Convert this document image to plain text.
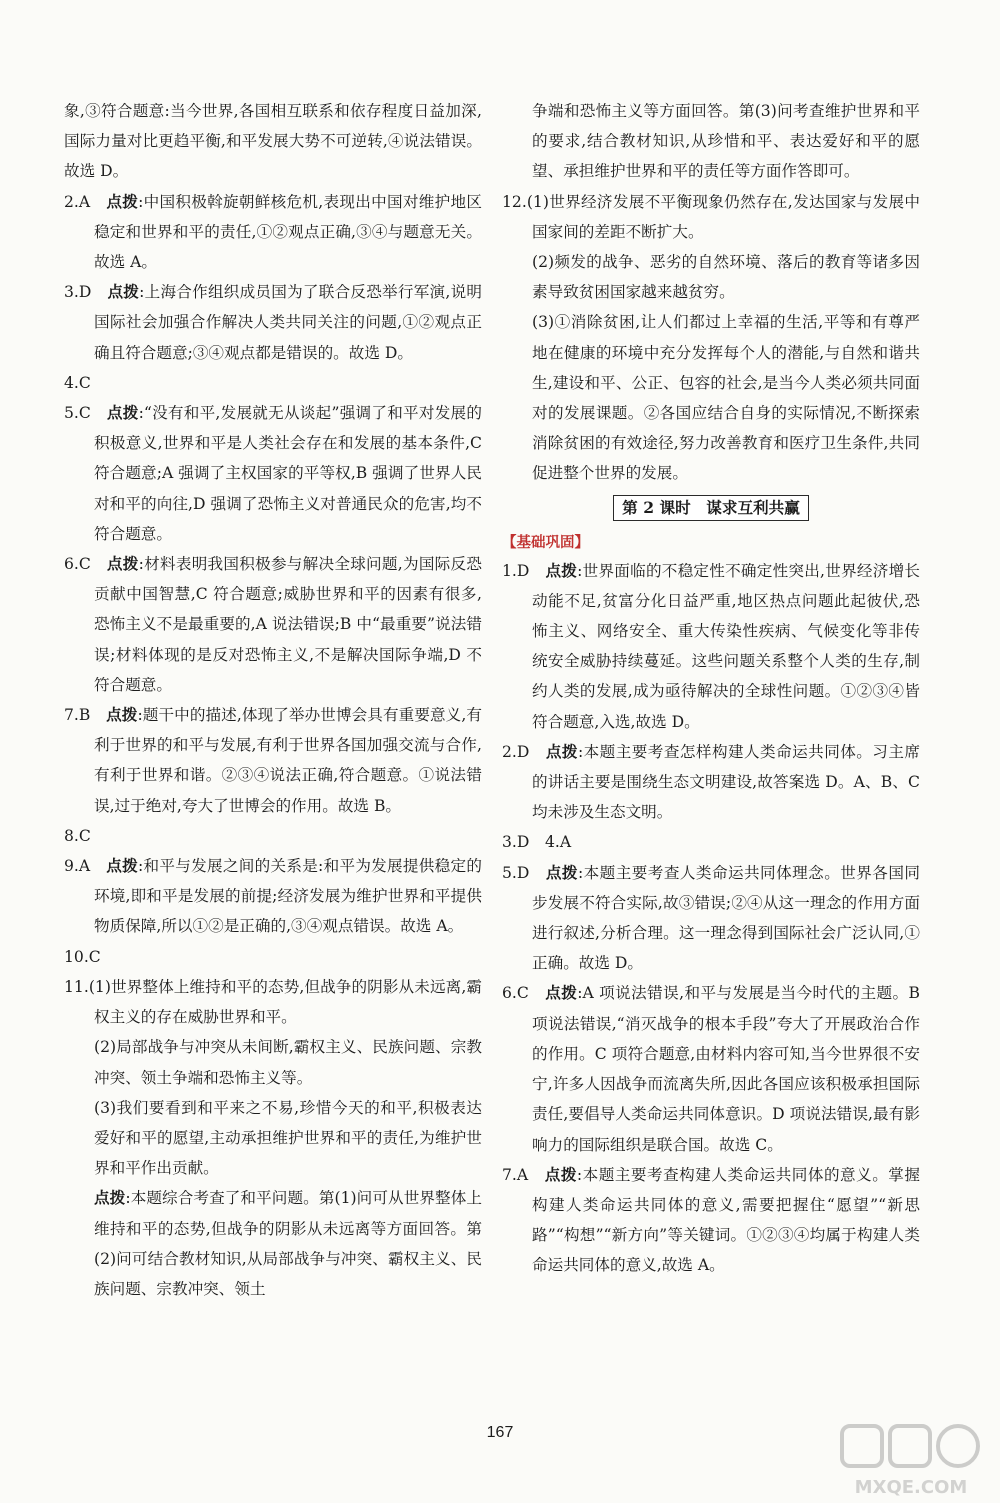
象,③符合题意:当今世界,各国相互联系和依存程度日益加深,国际力量对比更趋平衡,和平发展大势不可逆转,④说法错误。故选 D。

2.A　 点拨:中国积极斡旋朝鲜核危机,表现出中国对维护地区稳定和世界和平的责任,①②观点正确,③④与题意无关。故选 A。

3.D　 点拨:上海合作组织成员国为了联合反恐举行军演,说明国际社会加强合作解决人类共同关注的问题,①②观点正确且符合题意;③④观点都是错误的。故选 D。

4.C

5.C　 点拨:“没有和平,发展就无从谈起”强调了和平对发展的积极意义,世界和平是人类社会存在和发展的基本条件,C 符合题意;A 强调了主权国家的平等权,B 强调了世界人民对和平的向往,D 强调了恐怖主义对普通民众的危害,均不符合题意。

6.C　 点拨:材料表明我国积极参与解决全球问题,为国际反恐贡献中国智慧,C 符合题意;威胁世界和平的因素有很多,恐怖主义不是最重要的,A 说法错误;B 中“最重要”说法错误;材料体现的是反对恐怖主义,不是解决国际争端,D 不符合题意。

7.B　 点拨:题干中的描述,体现了举办世博会具有重要意义,有利于世界的和平与发展,有利于世界各国加强交流与合作,有利于世界和谐。②③④说法正确,符合题意。①说法错误,过于绝对,夸大了世博会的作用。故选 B。

8.C

9.A　 点拨:和平与发展之间的关系是:和平为发展提供稳定的环境,即和平是发展的前提;经济发展为维护世界和平提供物质保障,所以①②是正确的,③④观点错误。故选 A。

10.C

11.(1)世界整体上维持和平的态势,但战争的阴影从未远离,霸权主义的存在威胁世界和平。

(2)局部战争与冲突从未间断,霸权主义、民族问题、宗教冲突、领土争端和恐怖主义等。

(3)我们要看到和平来之不易,珍惜今天的和平,积极表达爱好和平的愿望,主动承担维护世界和平的责任,为维护世界和平作出贡献。

点拨:本题综合考查了和平问题。第(1)问可从世界整体上维持和平的态势,但战争的阴影从未远离等方面回答。第(2)问可结合教材知识,从局部战争与冲突、霸权主义、民族问题、宗教冲突、领土

争端和恐怖主义等方面回答。第(3)问考查维护世界和平的要求,结合教材知识,从珍惜和平、表达爱好和平的愿望、承担维护世界和平的责任等方面作答即可。

12.(1)世界经济发展不平衡现象仍然存在,发达国家与发展中国家间的差距不断扩大。

(2)频发的战争、恶劣的自然环境、落后的教育等诸多因素导致贫困国家越来越贫穷。

(3)①消除贫困,让人们都过上幸福的生活,平等和有尊严地在健康的环境中充分发挥每个人的潜能,与自然和谐共生,建设和平、公正、包容的社会,是当今人类必须共同面对的发展课题。②各国应结合自身的实际情况,不断探索消除贫困的有效途径,努力改善教育和医疗卫生条件,共同促进整个世界的发展。

第 2 课时　谋求互利共赢
【基础巩固】

1.D　 点拨:世界面临的不稳定性不确定性突出,世界经济增长动能不足,贫富分化日益严重,地区热点问题此起彼伏,恐怖主义、网络安全、重大传染性疾病、气候变化等非传统安全威胁持续蔓延。这些问题关系整个人类的生存,制约人类的发展,成为亟待解决的全球性问题。①②③④皆符合题意,入选,故选 D。

2.D　 点拨:本题主要考查怎样构建人类命运共同体。习主席的讲话主要是围绕生态文明建设,故答案选 D。A、B、C 均未涉及生态文明。

3.D　4.A

5.D　 点拨:本题主要考查人类命运共同体理念。世界各国同步发展不符合实际,故③错误;②④从这一理念的作用方面进行叙述,分析合理。这一理念得到国际社会广泛认同,①正确。故选 D。

6.C　 点拨:A 项说法错误,和平与发展是当今时代的主题。B 项说法错误,“消灭战争的根本手段”夸大了开展政治合作的作用。C 项符合题意,由材料内容可知,当今世界很不安宁,许多人因战争而流离失所,因此各国应该积极承担国际责任,要倡导人类命运共同体意识。D 项说法错误,最有影响力的国际组织是联合国。故选 C。

7.A　 点拨:本题主要考查构建人类命运共同体的意义。掌握构建人类命运共同体的意义,需要把握住“愿望”“新思路”“构想”“新方向”等关键词。①②③④均属于构建人类命运共同体的意义,故选 A。

167
MXQE.COM
